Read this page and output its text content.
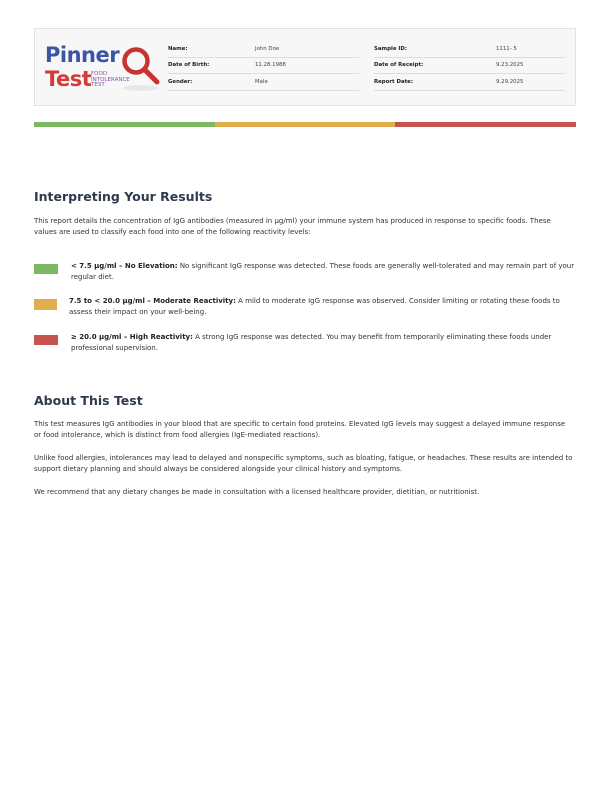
Pinner
Test FOOD
INTOLERANCE
TEST
Name:	John Doe
Date of Birth:	11.28.1988
Gender:	Male
Sample ID:	1111- 5
Date of Receipt:	9.23.2025
Report Date:	9.29.2025
Interpreting Your Results

This report details the concentration of IgG antibodies (measured in µg/ml) your immune system has produced in response to specific foods. These values are used to classify each food into one of the following reactivity levels:

< 7.5 µg/ml – No Elevation: No significant IgG response was detected. These foods are generally well-tolerated and may remain part of your regular diet.
7.5 to < 20.0 µg/ml – Moderate Reactivity: A mild to moderate IgG response was observed. Consider limiting or rotating these foods to assess their impact on your well-being.
≥ 20.0 µg/ml – High Reactivity: A strong IgG response was detected. You may benefit from temporarily eliminating these foods under professional supervision.
About This Test

This test measures IgG antibodies in your blood that are specific to certain food proteins. Elevated IgG levels may suggest a delayed immune response or food intolerance, which is distinct from food allergies (IgE-mediated reactions).

Unlike food allergies, intolerances may lead to delayed and nonspecific symptoms, such as bloating, fatigue, or headaches. These results are intended to support dietary planning and should always be considered alongside your clinical history and symptoms.

We recommend that any dietary changes be made in consultation with a licensed healthcare provider, dietitian, or nutritionist.
